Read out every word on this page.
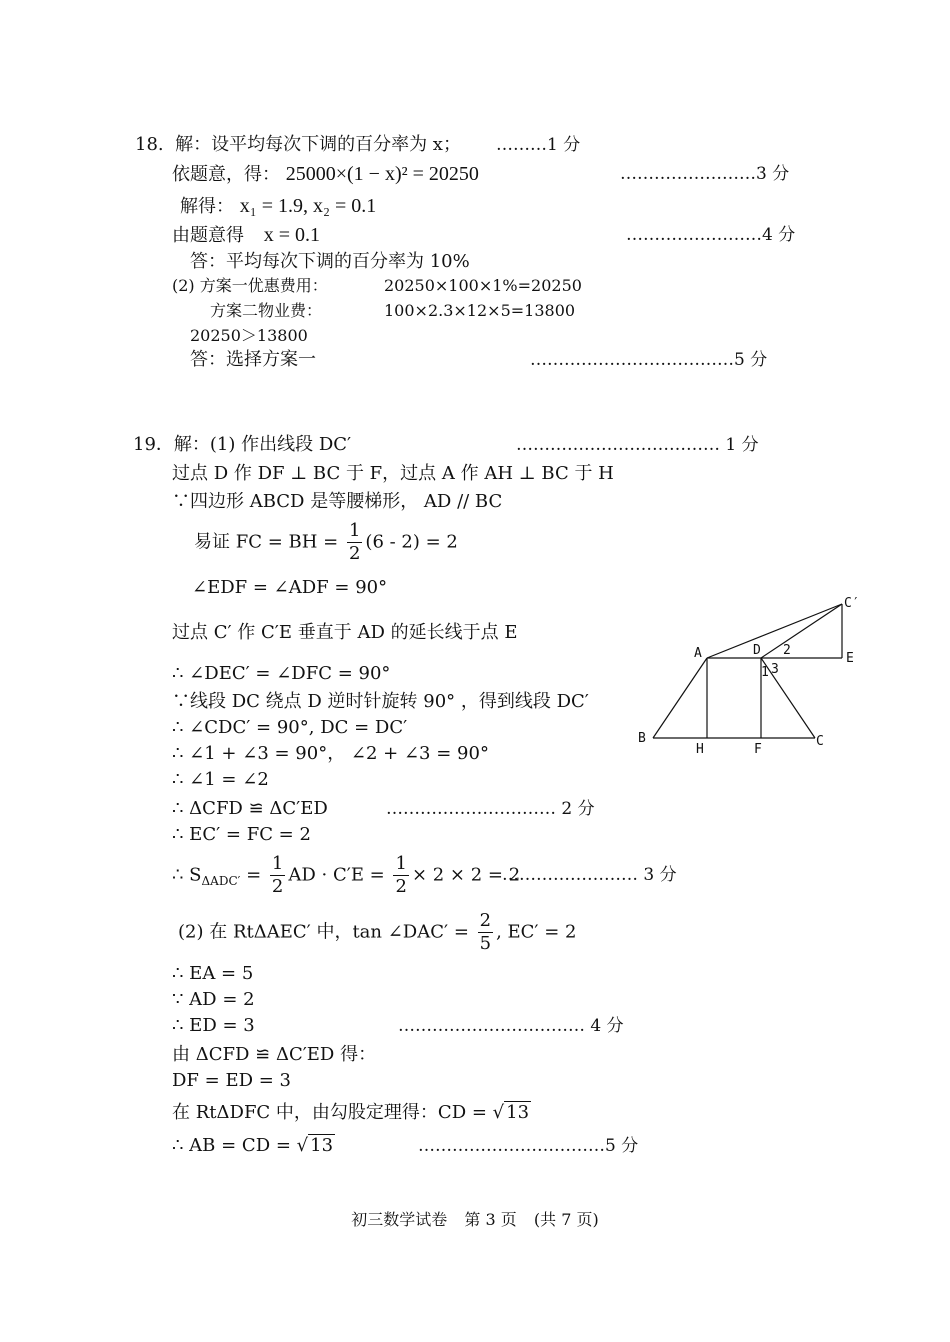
18.  解：设平均每次下调的百分率为 x； ………1 分
依题意，得： 25000×(1 − x)² = 20250	……………………3 分
解得： x₁ = 1.9, x₂ = 0.1
由题意得 x = 0.1	……………………4 分
答：平均每次下调的百分率为 10%
(2) 方案一优惠费用：	20250×100×1%=20250
方案二物业费：	100×2.3×12×5=13800
20250＞13800
答：选择方案一	………………………………5 分
19．解：(1) 作出线段 DC′	……………………………… 1 分
过点 D 作 DF ⊥ BC 于 F，过点 A 作 AH ⊥ BC 于 H
∵四边形 ABCD 是等腰梯形， AD // BC
易证 FC = BH = $\frac{1}{2} (6 - 2) = 2$
∠EDF = ∠ADF = 90°
过点 C′ 作 C′E 垂直于 AD 的延长线于点 E
∴ ∠DEC′ = ∠DFC = 90°
∵线段 DC 绕点 D 逆时针旋转 90° ，得到线段 DC′
∴ ∠CDC′ = 90°, DC = DC′
∴ ∠1 + ∠3 = 90°， ∠2 + ∠3 = 90°
∴ ∠1 = ∠2
∴ ΔCFD ≌ ΔC′ED	………………………… 2 分
∴ EC′ = FC = 2
∴ $S_{\Delta ADC'} = \frac{1}{2}$ AD · $C'E = \frac{1}{2} \times 2 \times 2 = 2$
…………………… 3 分
(2) 在 RtΔAEC′ 中，tan ∠DAC′ = $\frac{2}{5}$ , EC′ = 2
∴ EA = 5
∵ AD = 2
∴ ED = 3	…………………………… 4 分
由 ΔCFD ≌ ΔC′ED 得：
DF = ED = 3
在 RtΔDFC 中，由勾股定理得：CD = √ 13
∴ AB = CD = √ 13	……………………………5 分
A
B	C
D
E
F
H
C′
1
2
3
初三数学试卷 第 3 页 (共 7 页)
